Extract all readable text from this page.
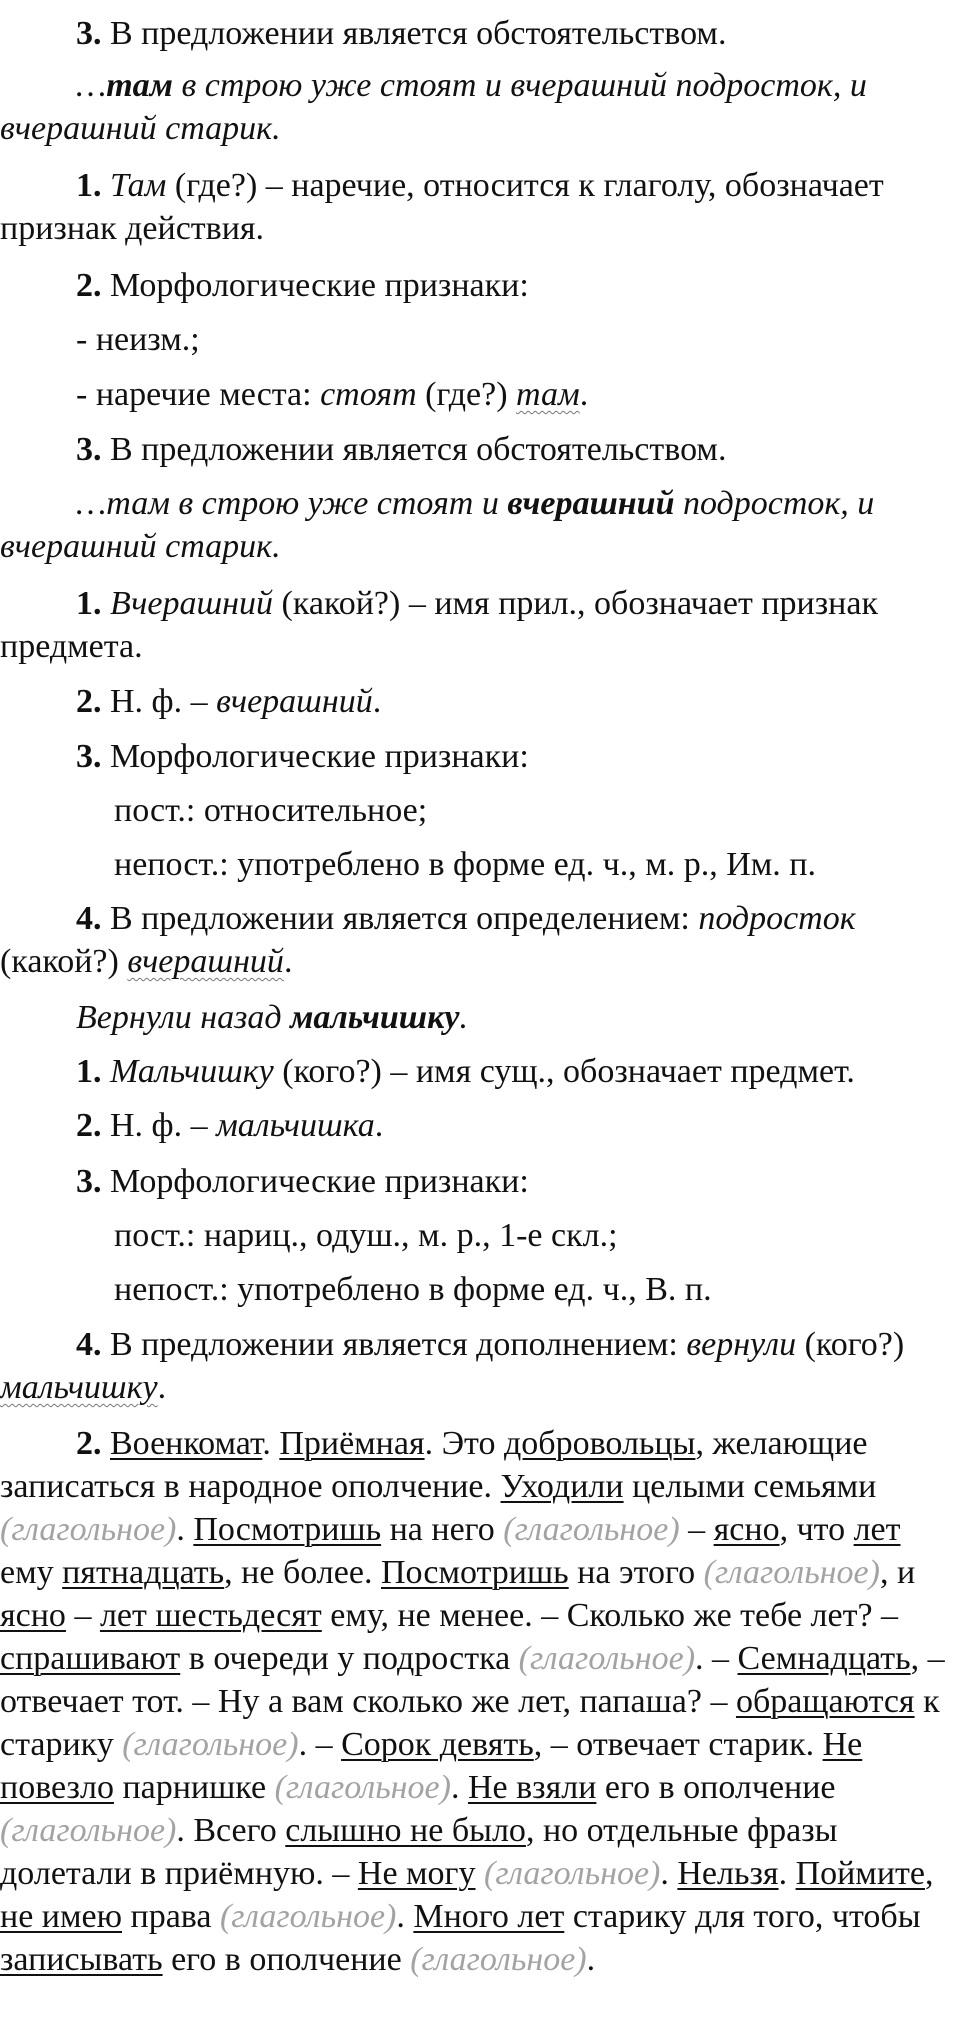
3. В предложении является обстоятельством.

…там в строю уже стоят и вчерашний подросток, и вчерашний старик.

1. Там (где?) – наречие, относится к глаголу, обозначает признак действия.

2. Морфологические признаки:

- неизм.;

- наречие места: стоят (где?) там.

3. В предложении является обстоятельством.

…там в строю уже стоят и вчерашний подросток, и вчерашний старик.

1. Вчерашний (какой?) – имя прил., обозначает признак предмета.

2. Н. ф. – вчерашний.

3. Морфологические признаки:

пост.: относительное;

непост.: употреблено в форме ед. ч., м. р., Им. п.

4. В предложении является определением: подросток (какой?) вчерашний.

Вернули назад мальчишку.

1. Мальчишку (кого?) – имя сущ., обозначает предмет.

2. Н. ф. – мальчишка.

3. Морфологические признаки:

пост.: нариц., одуш., м. р., 1-е скл.;

непост.: употреблено в форме ед. ч., В. п.

4. В предложении является дополнением: вернули (кого?) мальчишку.

2. Военкомат. Приёмная. Это добровольцы, желающие записаться в народное ополчение. Уходили целыми семьями (глагольное). Посмотришь на него (глагольное) – ясно, что лет ему пятнадцать, не более. Посмотришь на этого (глагольное), и ясно – лет шестьдесят ему, не менее. – Сколько же тебе лет? – спрашивают в очереди у подростка (глагольное). – Семнадцать, – отвечает тот. – Ну а вам сколько же лет, папаша? – обращаются к старику (глагольное). – Сорок девять, – отвечает старик. Не повезло парнишке (глагольное). Не взяли его в ополчение (глагольное). Всего слышно не было, но отдельные фразы долетали в приёмную. – Не могу (глагольное). Нельзя. Поймите, не имею права (глагольное). Много лет старику для того, чтобы записывать его в ополчение (глагольное).
